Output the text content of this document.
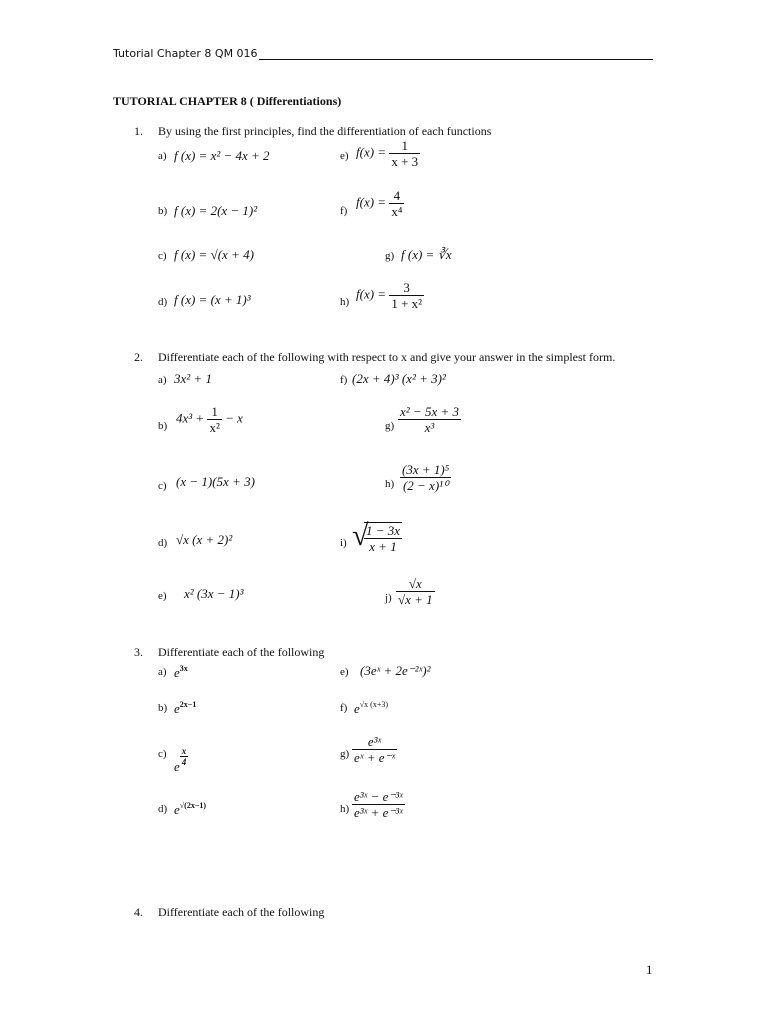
Tutorial Chapter 8 QM 016
TUTORIAL CHAPTER 8 ( Differentiations)
1. By using the first principles, find the differentiation of each functions
a) f (x) = x² − 4x + 2	e) $f(x) = \frac{1}{x + 3}$
b) f (x) = 2(x − 1)²	f)
$f(x) = \frac{4}{\text{x⁴}}$
c) f (x) = √(x + 4)	g) f (x) = ∛x
d) f (x) = (x + 1)³	h)
$f(x) = \frac{3}{\text{1 + x²}}$
2. Differentiate each of the following with respect to x and give your answer in the simplest form.
a) 3x² + 1	f) (2x + 4)³ (x² + 3)²
b)
$4x^3 + \frac{1}{\text{x²}} - x$
$g) \frac{\text{x² − 5x + 3}}{\text{x³}}$
c) (x − 1)(5x + 3)	$h) \frac{\text{(3x + 1)⁵}}{\text{(2 − x)¹⁰}}$
d) √x (x + 2)²	i) √
$\frac{1 - 3x}{x + 1}$
e) x² (3x − 1)³	$j) \frac{√x}{√x + 1}$
3. Differentiate each of the following
a) $e^{3x}$	e) (3eˣ + 2e⁻²ˣ)²
b) $e^{2x-1}$	f) $e^{√x (x+3)}$
c)
e $\frac{x}{4}$	$g) \frac{\text{e³ˣ}}{\text{eˣ + e⁻ˣ}}$
d) $e^{√(2x-1)}$	$h) \frac{\text{e³ˣ − e⁻³ˣ}}{\text{e³ˣ + e⁻³ˣ}}$
4. Differentiate each of the following
1
